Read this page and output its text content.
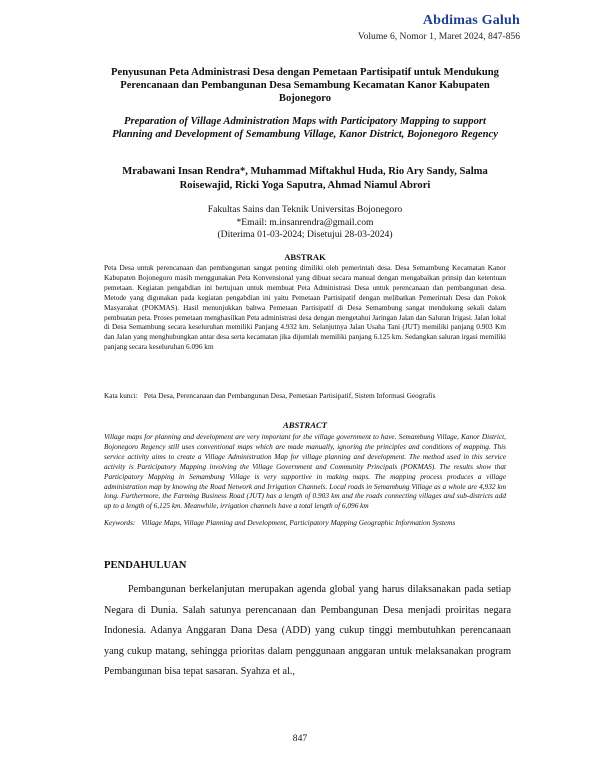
Abdimas Galuh
Volume 6, Nomor 1, Maret 2024, 847-856
Penyusunan Peta Administrasi Desa dengan Pemetaan Partisipatif untuk Mendukung Perencanaan dan Pembangunan Desa Semambung Kecamatan Kanor Kabupaten Bojonegoro
Preparation of Village Administration Maps with Participatory Mapping to support Planning and Development of Semambung Village, Kanor District, Bojonegoro Regency
Mrabawani Insan Rendra*, Muhammad Miftakhul Huda, Rio Ary Sandy, Salma Roisewajid, Ricki Yoga Saputra, Ahmad Niamul Abrori
Fakultas Sains dan Teknik Universitas Bojonegoro
*Email: m.insanrendra@gmail.com
(Diterima 01-03-2024; Disetujui 28-03-2024)
ABSTRAK
Peta Desa untuk perencanaan dan pembangunan sangat penting dimiliki oleh pemerintah desa. Desa Semambung Kecamatan Kanor Kabupaten Bojonegoro masih menggunakan Peta Konvensional yang dibuat secara manual dengan mengabaikan prinsip dan ketentuan pemetaan. Kegiatan pengabdian ini bertujuan untuk membuat Peta Administrasi Desa untuk perencanaan dan pembangunan desa. Metode yang digunakan pada kegiatan pengabdian ini yaitu Pemetaan Partisipatif dengan melibatkan Pemerintah Desa dan Pokok Masyarakat (POKMAS). Hasil menunjukkan bahwa Pemetaan Partisipatif di Desa Semambung sangat mendukung sekali dalam pembuatan peta. Proses pemetaan menghasilkan Peta administrasi desa dengan mengetahui Jaringan Jalan dan Saluran Irigasi. Jalan lokal di Desa Semambung secara keseluruhan memiliki Panjang 4.932 km. Selanjutnya Jalan Usaha Tani (JUT) memiliki panjang 0.903 Km dan Jalan yang menghubungkan antar desa serta kecamatan jika dijumlah memiliki panjang 6.125 km. Sedangkan saluran irgasi memiliki panjang secara keseluruhan 6.096 km
Kata kunci: Peta Desa, Perencanaan dan Pembangunan Desa, Pemetaan Partisipatif, Sistem Informasi Geografis
ABSTRACT
Village maps for planning and development are very important for the village government to have. Semambung Village, Kanor District, Bojonegoro Regency still uses conventional maps which are made manually, ignoring the principles and conditions of mapping. This service activity aims to create a Village Administration Map for village planning and development. The method used in this service activity is Participatory Mapping involving the Village Government and Community Principals (POKMAS). The results show that Participatory Mapping in Semambung Village is very supportive in making maps. The mapping process produces a village administration map by knowing the Road Network and Irrigation Channels. Local roads in Semambung Village as a whole are 4,932 km long. Furthermore, the Farming Business Road (JUT) has a length of 0.903 km and the roads connecting villages and sub-districts add up to a length of 6,125 km. Meanwhile, irrigation channels have a total length of 6,096 km
Keywords: Village Maps, Village Planning and Development, Participatory Mapping Geographic Information Systems
PENDAHULUAN
Pembangunan berkelanjutan merupakan agenda global yang harus dilaksanakan pada setiap Negara di Dunia. Salah satunya perencanaan dan Pembangunan Desa menjadi proiritas negara Indonesia. Adanya Anggaran Dana Desa (ADD) yang cukup tinggi membutuhkan perencanaan yang cukup matang, sehingga prioritas dalam penggunaan anggaran untuk melaksanakan program Pembangunan bisa tepat sasaran. Syahza et al.,
847
